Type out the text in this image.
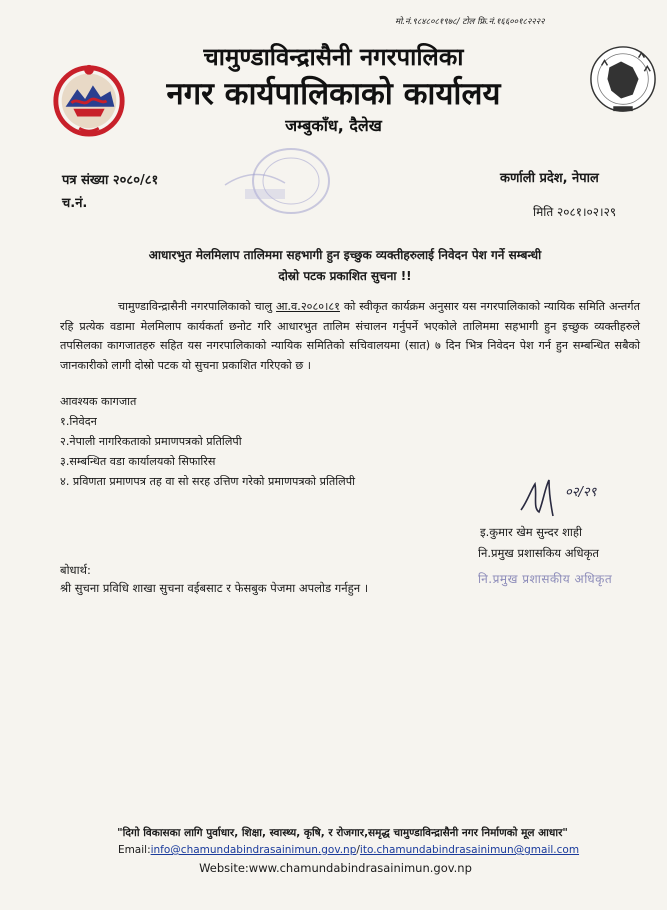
मो.नं.९८४८०८१९७८/ टोल फ्रि.नं.१६६००१८२२२२
चामुण्डाविन्द्रासैनी नगरपालिका
नगर कार्यपालिकाको कार्यालय
जम्बुकाँध, दैलेख
पत्र संख्या २०८०/८१
च.नं.
कर्णाली प्रदेश, नेपाल
मिति २०८१।०२।२९
आधारभुत मेलमिलाप तालिममा सहभागी हुन इच्छुक व्यक्तीहरुलाई निवेदन पेश गर्ने सम्बन्धी
दोस्रो पटक प्रकाशित सुचना !!
चामुण्डाविन्द्रासैनी नगरपालिकाको चालु आ.व.२०८०।८१ को स्वीकृत कार्यक्रम अनुसार यस नगरपालिकाको न्यायिक समिति अन्तर्गत रहि प्रत्येक वडामा मेलमिलाप कार्यकर्ता छनोट गरि आधारभुत तालिम संचालन गर्नुपर्ने भएकोले तालिममा सहभागी हुन इच्छुक व्यक्तीहरुले तपसिलका कागजातहरु सहित यस नगरपालिकाको न्यायिक समितिको सचिवालयमा (सात) ७ दिन भित्र निवेदन पेश गर्न हुन सम्बन्धित सबैको जानकारीको लागी दोस्रो पटक यो सुचना प्रकाशित गरिएको छ ।
आवश्यक कागजात
१.निवेदन
२.नेपाली नागरिकताको प्रमाणपत्रको प्रतिलिपी
३.सम्बन्धित वडा कार्यालयको सिफारिस
४. प्रविणता प्रमाणपत्र तह वा सो सरह उत्तिण गरेको प्रमाणपत्रको प्रतिलिपी
०२/२९
इ.कुमार खेम सुन्दर शाही
नि.प्रमुख प्रशासकिय अधिकृत
नि.प्रमुख प्रशासकीय अधिकृत
बोधार्थ:
श्री सुचना प्रविधि शाखा सुचना वईबसाट र फेसबुक पेजमा अपलोड गर्नहुन ।
"दिगो विकासका लागि पुर्वाधार, शिक्षा, स्वास्थ्य, कृषि, र रोजगार,समृद्ध चामुण्डाविन्द्रासैनी नगर निर्माणको मूल आधार"
Email:info@chamundabindrasainimun.gov.np/ito.chamundabindrasainimun@gmail.com
Website:www.chamundabindrasainimun.gov.np
